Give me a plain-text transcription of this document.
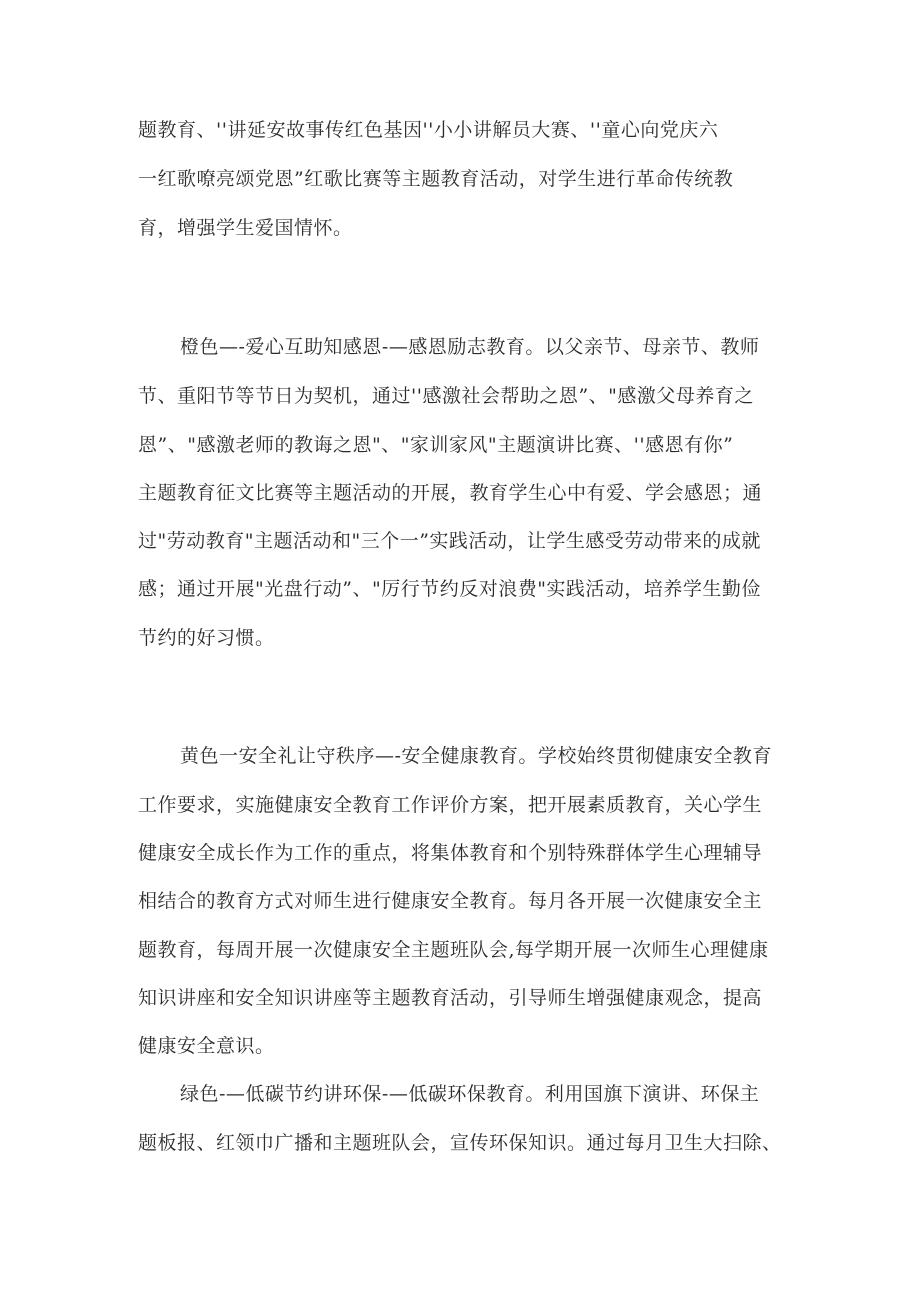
题教育、''讲延安故事传红色基因''小小讲解员大赛、''童心向党庆六
一红歌嘹亮颂党恩”红歌比赛等主题教育活动，对学生进行革命传统教
育，增强学生爱国情怀。
橙色—-爱心互助知感恩-—感恩励志教育。以父亲节、母亲节、教师
节、重阳节等节日为契机，通过''感激社会帮助之恩”、"感激父母养育之
恩”、"感激老师的教诲之恩"、"家训家风"主题演讲比赛、''感恩有你”
主题教育征文比赛等主题活动的开展，教育学生心中有爱、学会感恩；通
过"劳动教育"主题活动和"三个一”实践活动，让学生感受劳动带来的成就
感；通过开展"光盘行动”、"厉行节约反对浪费"实践活动，培养学生勤俭
节约的好习惯。
黄色一安全礼让守秩序—-安全健康教育。学校始终贯彻健康安全教育
工作要求，实施健康安全教育工作评价方案，把开展素质教育，关心学生
健康安全成长作为工作的重点，将集体教育和个别特殊群体学生心理辅导
相结合的教育方式对师生进行健康安全教育。每月各开展一次健康安全主
题教育，每周开展一次健康安全主题班队会,每学期开展一次师生心理健康
知识讲座和安全知识讲座等主题教育活动，引导师生增强健康观念，提高
健康安全意识。
绿色-—低碳节约讲环保-—低碳环保教育。利用国旗下演讲、环保主
题板报、红领巾广播和主题班队会，宣传环保知识。通过每月卫生大扫除、
